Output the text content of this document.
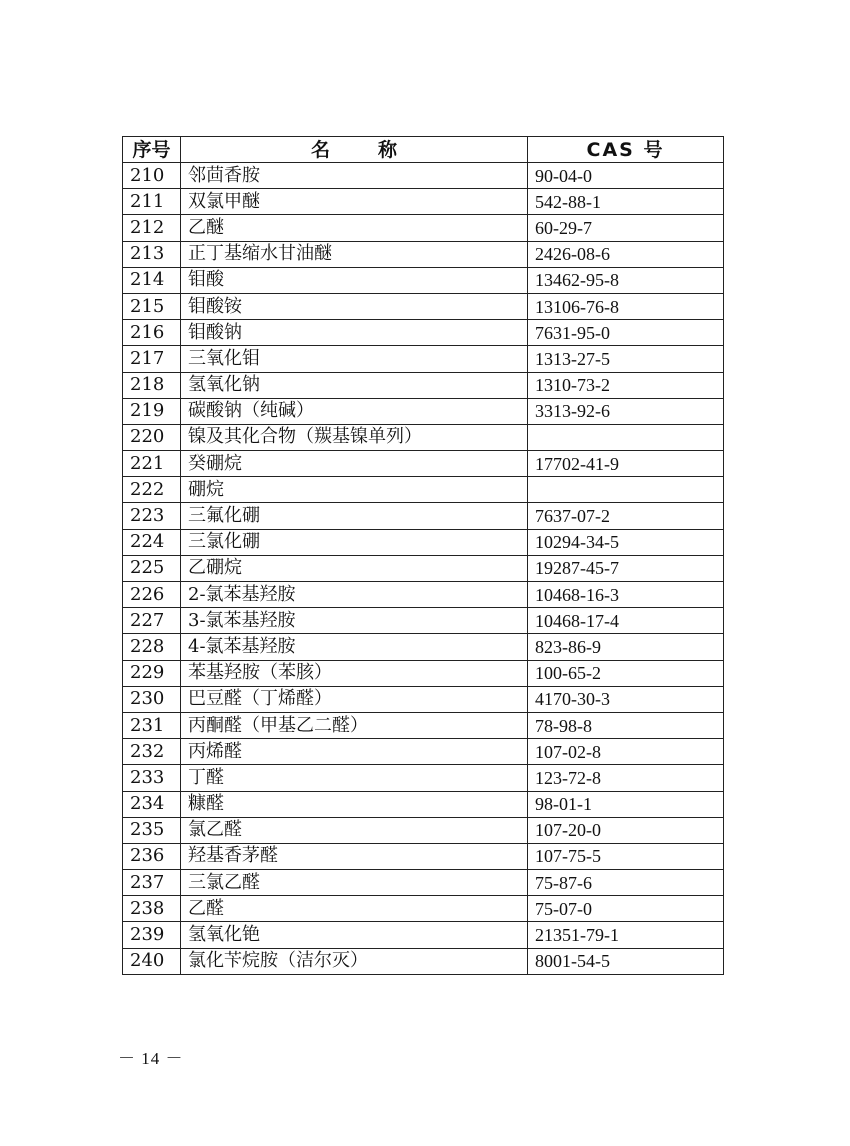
序号	名称	CAS 号
210	邻茴香胺	90-04-0
211	双氯甲醚	542-88-1
212	乙醚	60-29-7
213	正丁基缩水甘油醚	2426-08-6
214	钼酸	13462-95-8
215	钼酸铵	13106-76-8
216	钼酸钠	7631-95-0
217	三氧化钼	1313-27-5
218	氢氧化钠	1310-73-2
219	碳酸钠（纯碱）	3313-92-6
220	镍及其化合物（羰基镍单列）	
221	癸硼烷	17702-41-9
222	硼烷	
223	三氟化硼	7637-07-2
224	三氯化硼	10294-34-5
225	乙硼烷	19287-45-7
226	2-氯苯基羟胺	10468-16-3
227	3-氯苯基羟胺	10468-17-4
228	4-氯苯基羟胺	823-86-9
229	苯基羟胺（苯胲）	100-65-2
230	巴豆醛（丁烯醛）	4170-30-3
231	丙酮醛（甲基乙二醛）	78-98-8
232	丙烯醛	107-02-8
233	丁醛	123-72-8
234	糠醛	98-01-1
235	氯乙醛	107-20-0
236	羟基香茅醛	107-75-5
237	三氯乙醛	75-87-6
238	乙醛	75-07-0
239	氢氧化铯	21351-79-1
240	氯化苄烷胺（洁尔灭）	8001-54-5
－ 14 －
